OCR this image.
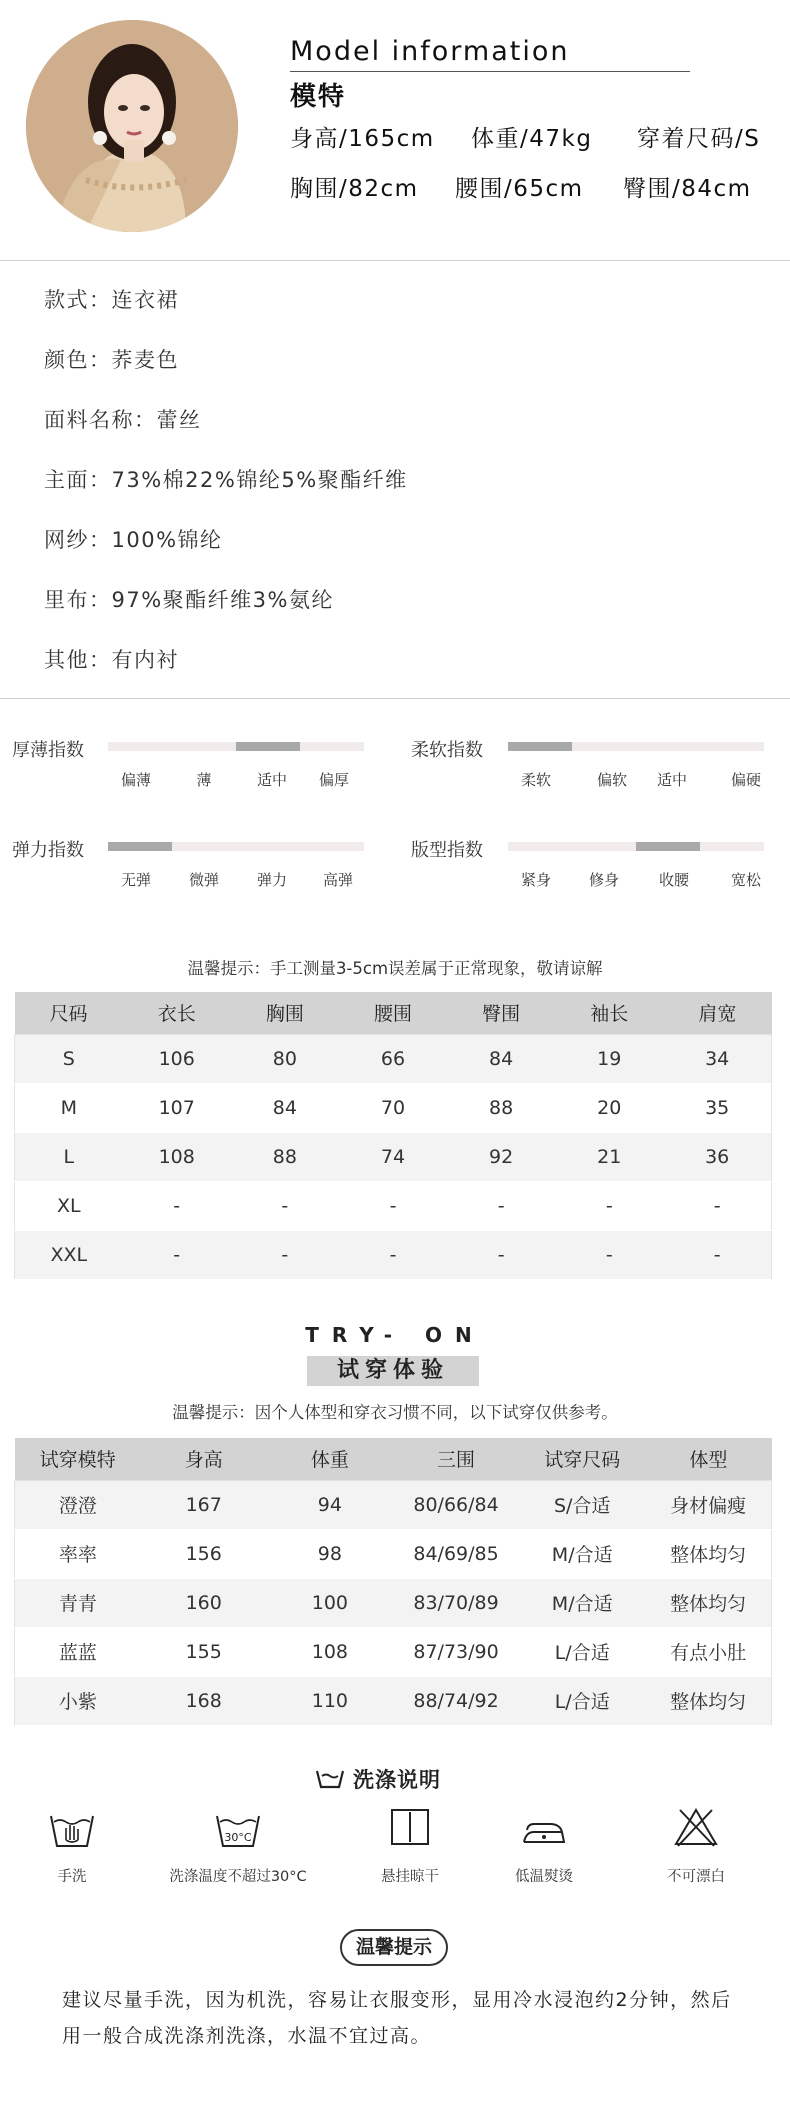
Model information
模特
身高/165cm 体重/47kg 穿着尺码/S
胸围/82cm 腰围/65cm 臀围/84cm
款式：连衣裙
颜色：荞麦色
面料名称：蕾丝
主面：73%棉22%锦纶5%聚酯纤维
网纱：100%锦纶
里布：97%聚酯纤维3%氨纶
其他：有内衬
厚薄指数
偏薄	薄	适中 偏厚
柔软指数
柔软	偏软 适中	偏硬
弹力指数
无弹	微弹	弹力 高弹
版型指数
紧身	修身	收腰	宽松
温馨提示：手工测量3-5cm误差属于正常现象，敬请谅解
尺码	衣长	胸围	腰围	臀围	袖长	肩宽
S	106	80	66	84	19	34
M	107	84	70	88	20	35
L	108	88	74	92	21	36
XL	-	-	-	-	-	-
XXL	-	-	-	-	-	-
TRY- ON
试穿体验
温馨提示：因个人体型和穿衣习惯不同，以下试穿仅供参考。
试穿模特	身高	体重	三围	试穿尺码	体型
澄澄	167	94	80/66/84	S/合适	身材偏瘦
率率	156	98	84/69/85	M/合适	整体均匀
青青	160	100	83/70/89	M/合适	整体均匀
蓝蓝	155	108	87/73/90	L/合适	有点小肚
小紫	168	110	88/74/92	L/合适	整体均匀
洗涤说明
30°C
手洗	洗涤温度不超过30°C	悬挂晾干	低温熨烫	不可漂白
温馨提示
建议尽量手洗，因为机洗，容易让衣服变形，显用冷水浸泡约2分钟，然后用一般合成洗涤剂洗涤，水温不宜过高。
